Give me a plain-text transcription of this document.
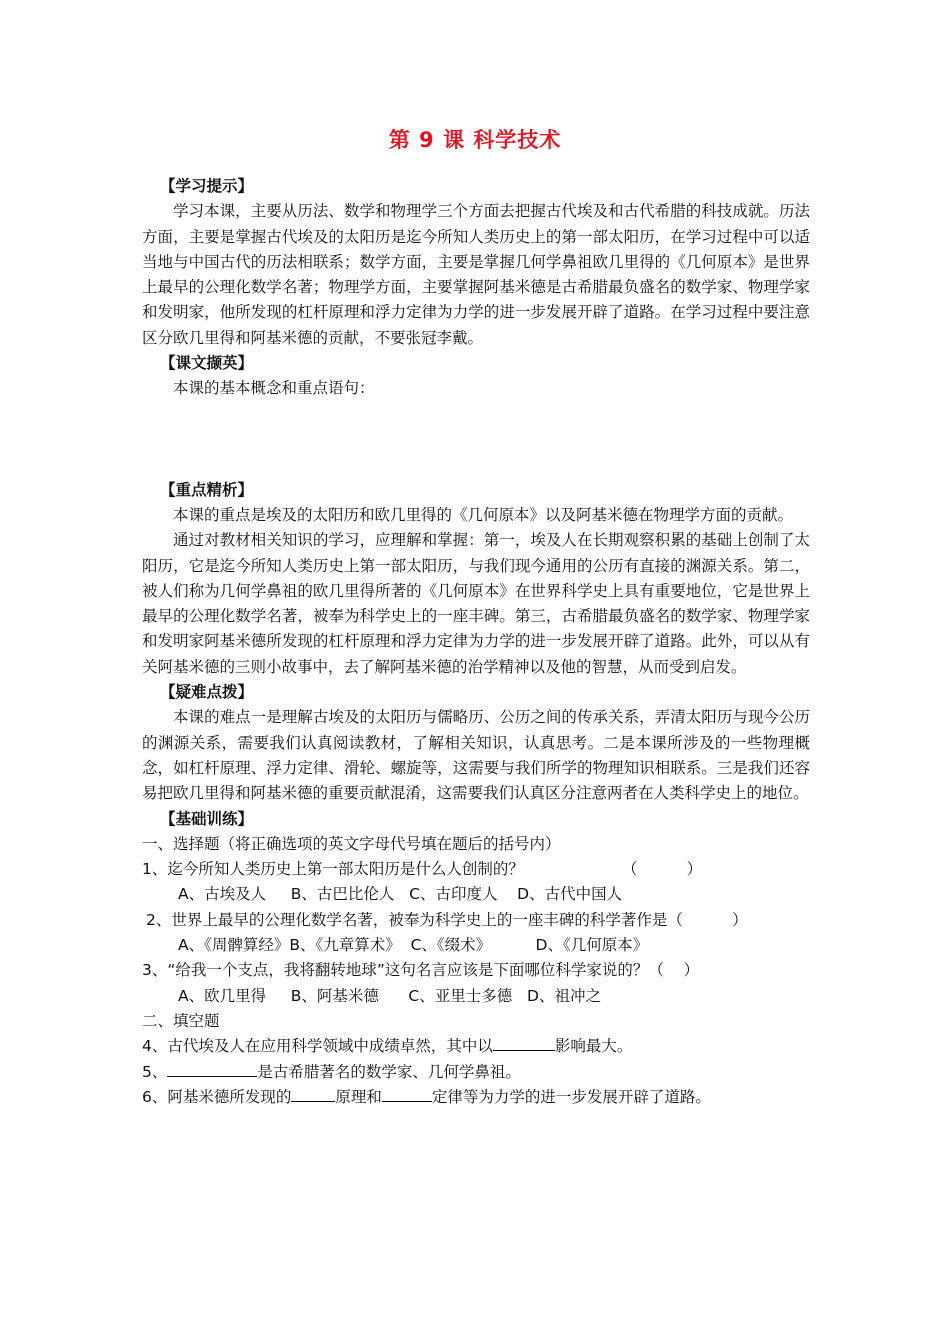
第 9 课 科学技术
【学习提示】
学习本课，主要从历法、数学和物理学三个方面去把握古代埃及和古代希腊的科技成就。历法方面，主要是掌握古代埃及的太阳历是迄今所知人类历史上的第一部太阳历，在学习过程中可以适当地与中国古代的历法相联系；数学方面，主要是掌握几何学鼻祖欧几里得的《几何原本》是世界上最早的公理化数学名著；物理学方面，主要掌握阿基米德是古希腊最负盛名的数学家、物理学家和发明家，他所发现的杠杆原理和浮力定律为力学的进一步发展开辟了道路。在学习过程中要注意区分欧几里得和阿基米德的贡献，不要张冠李戴。
【课文撷英】
本课的基本概念和重点语句：
【重点精析】
本课的重点是埃及的太阳历和欧几里得的《几何原本》以及阿基米德在物理学方面的贡献。
通过对教材相关知识的学习，应理解和掌握：第一，埃及人在长期观察积累的基础上创制了太阳历，它是迄今所知人类历史上第一部太阳历，与我们现今通用的公历有直接的渊源关系。第二，被人们称为几何学鼻祖的欧几里得所著的《几何原本》在世界科学史上具有重要地位，它是世界上最早的公理化数学名著，被奉为科学史上的一座丰碑。第三，古希腊最负盛名的数学家、物理学家和发明家阿基米德所发现的杠杆原理和浮力定律为力学的进一步发展开辟了道路。此外，可以从有关阿基米德的三则小故事中，去了解阿基米德的治学精神以及他的智慧，从而受到启发。
【疑难点拨】
本课的难点一是理解古埃及的太阳历与儒略历、公历之间的传承关系，弄清太阳历与现今公历的渊源关系，需要我们认真阅读教材，了解相关知识，认真思考。二是本课所涉及的一些物理概念，如杠杆原理、浮力定律、滑轮、螺旋等，这需要与我们所学的物理知识相联系。三是我们还容易把欧几里得和阿基米德的重要贡献混淆，这需要我们认真区分注意两者在人类科学史上的地位。
【基础训练】
一、选择题（将正确选项的英文字母代号填在题后的括号内）
1、迄今所知人类历史上第一部太阳历是什么人创制的？	（          ）
A、古埃及人     B、古巴比伦人   C、古印度人    D、古代中国人
2、世界上最早的公理化数学名著，被奉为科学史上的一座丰碑的科学著作是（          ）
A、《周髀算经》B、《九章算术》  C、《缀术》         D、《几何原本》
3、“给我一个支点，我将翻转地球”这句名言应该是下面哪位科学家说的？（    ）
A、欧几里得     B、阿基米德      C、亚里士多德   D、祖冲之
二、填空题
4、古代埃及人在应用科学领域中成绩卓然，其中以	影响最大。
5、	是古希腊著名的数学家、几何学鼻祖。
6、阿基米德所发现的	原理和	定律等为力学的进一步发展开辟了道路。
